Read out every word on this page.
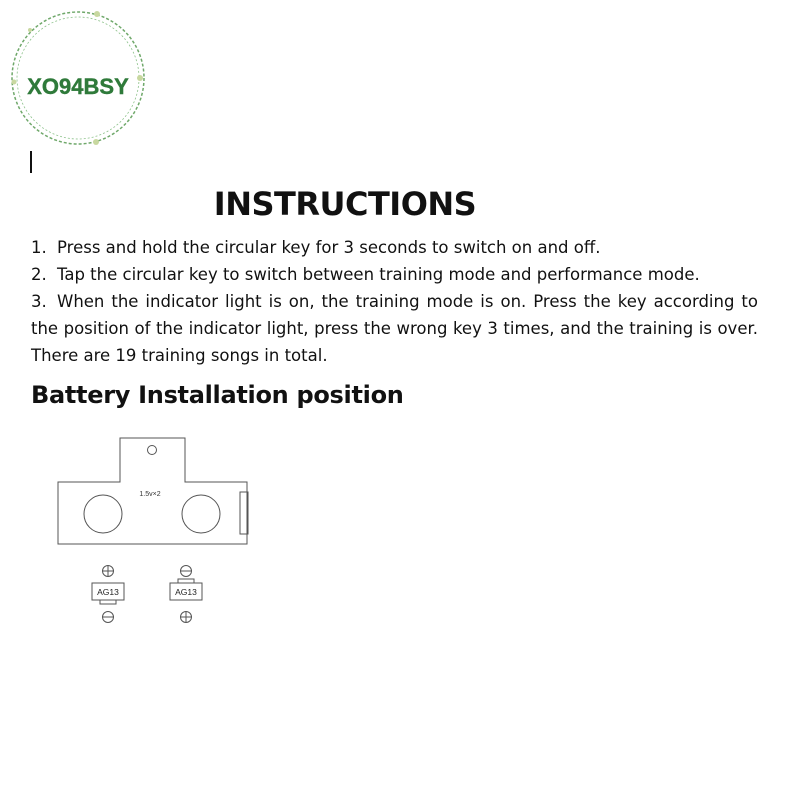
XO94BSY
INSTRUCTIONS
1. Press and hold the circular key for 3 seconds to switch on and off.
2. Tap the circular key to switch between training mode and performance mode.
3. When the indicator light is on, the training mode is on. Press the key according to the position of the indicator light, press the wrong key 3 times, and the training is over. There are 19 training songs in total.
Battery Installation position
1.5v×2
AG13	AG13
